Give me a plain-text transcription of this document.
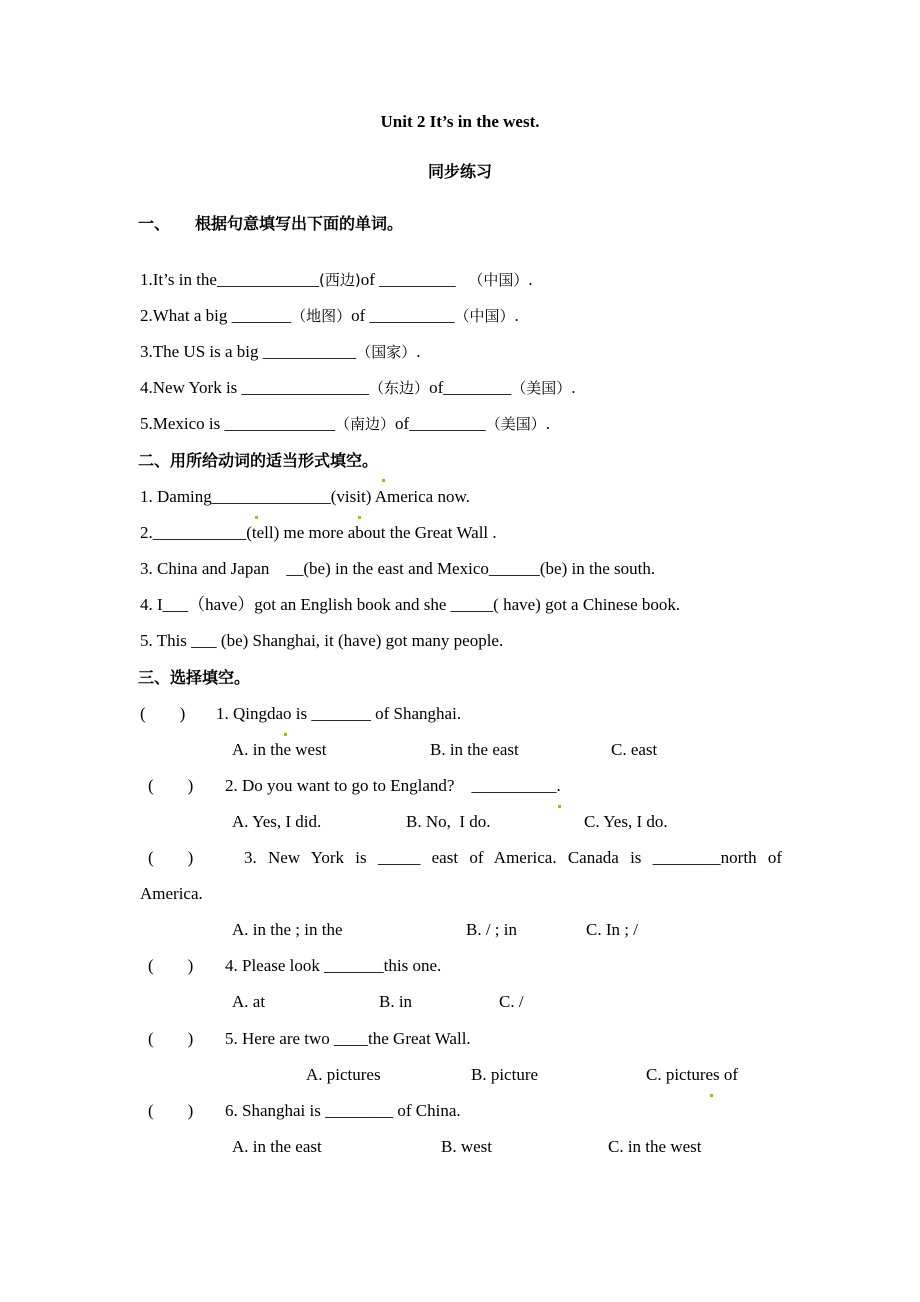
Unit 2 It’s in the west.
同步练习
一、 根据句意填写出下面的单词。
1.It’s in the____________(西边)of _________ （中国）.
2.What a big _______（地图）of __________（中国）.
3.The US is a big ___________（国家）.
4.New York is _______________（东边）of________（美国）.
5.Mexico is _____________（南边）of_________（美国）.
二、用所给动词的适当形式填空。
1. Daming______________(visit) America now.
2.___________(tell) me more about the Great Wall .
3. China and Japan    __(be) in the east and Mexico______(be) in the south.
4. I___（have）got an English book and she _____( have) got a Chinese book.
5. This ___ (be) Shanghai, it (have) got many people.
三、选择填空。
(        ) 1. Qingdao is _______ of Shanghai.
A. in the west	B. in the east	C. east
(        ) 2. Do you want to go to England?    __________.
A. Yes, I did.	B. No,  I do.	C. Yes, I do.
(        )	3. New York is _____ east of America. Canada is ________north of
America.
A. in the ; in the	B. / ; in	C. In ; /
(        ) 4. Please look _______this one.
A. at	B. in	C. /
(        ) 5. Here are two ____the Great Wall.
A. pictures	B. picture	C. pictures of
(        ) 6. Shanghai is ________ of China.
A. in the east	B. west	C. in the west
